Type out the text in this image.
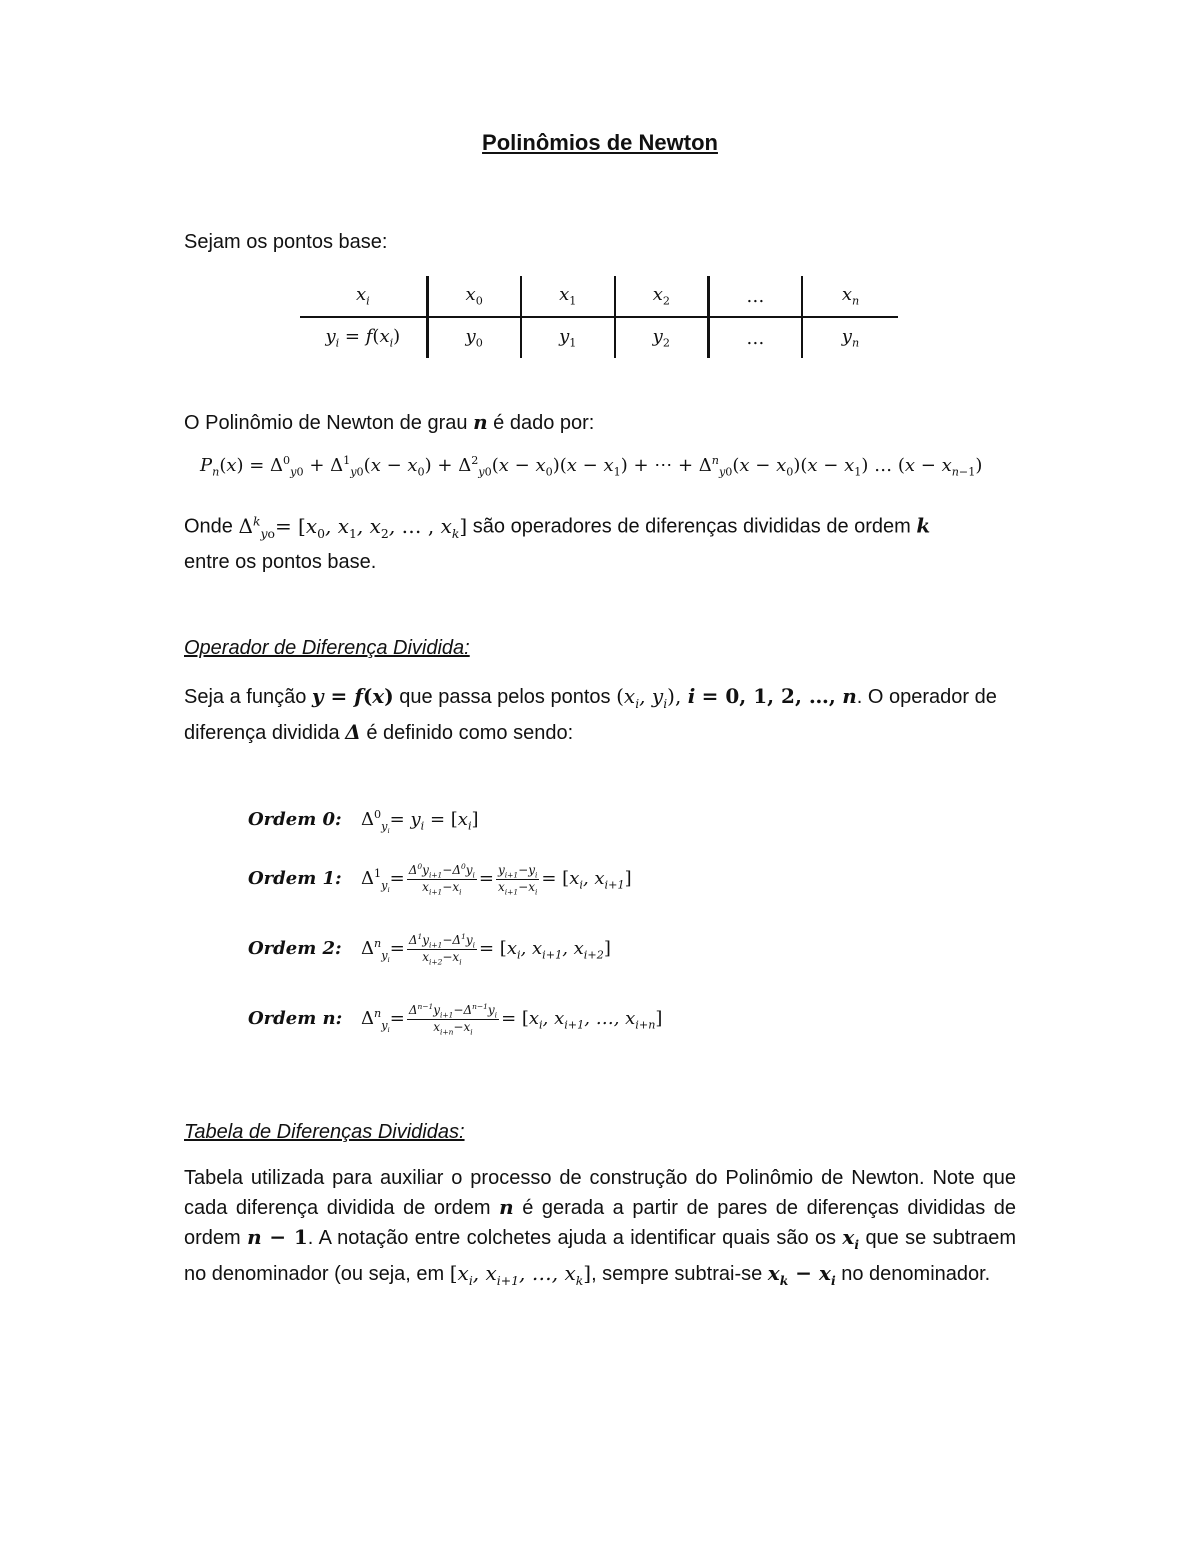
Polinômios de Newton
Sejam os pontos base:
$x_i$	$x_0$	$x_1$	$x_2$	…	$x_n$
$y_i = f(x_i)$	$y_0$	$y_1$	$y_2$	…	$y_n$
O Polinômio de Newton de grau n é dado por:
$P_n(x) = \Delta^0_{y0} + \Delta^1_{y0}(x - x_0) + \Delta^2_{y0}(x - x_0)(x - x_1)$ + ⋯ + $\Delta^n_{y0}(x - x_0)(x - x_1)$ … $(x - x_{n-1})$
Onde $\Delta^k_{yo}= [x_0$, $x_1$, $x_2$, … , $x_k$] são operadores de diferenças divididas de ordem k
entre os pontos base.
Operador de Diferença Dividida:
Seja a função y = f(x) que passa pelos pontos ($x_i$, $y_i$), i = 0, 1, 2, …, n. O operador de diferença dividida Δ é definido como sendo:
Ordem 0: $\Delta^0_{y_i}= y_i = [x_i]$
Ordem 1: $\Delta^1_{y_i}= \frac{\Delta^0y_{i+1}-\Delta^0y_i}{x_{i+1}-x_i} = \frac{y_{i+1}-y_i}{x_{i+1}-x_i} = [x_i$, $x_{i+1}$]
Ordem 2: $\Delta^n_{y_i}= \frac{\Delta^1y_{i+1}-\Delta^1y_i}{x_{i+2}-x_i} = [x_i$, $x_{i+1}$, $x_{i+2}$]
Ordem n: $\Delta^n_{y_i}= \frac{\Delta^{n-1}y_{i+1}-\Delta^{n-1}y_i}{x_{i+n}-x_i} = [x_i$, $x_{i+1}$, …, $x_{i+n}$]
Tabela de Diferenças Divididas:
Tabela utilizada para auxiliar o processo de construção do Polinômio de Newton. Note que cada diferença dividida de ordem n é gerada a partir de pares de diferenças divididas de ordem n − 1. A notação entre colchetes ajuda a identificar quais são os $x_i$ que se subtraem no denominador (ou seja, em [$x_i$, $x_{i+1}$, …, $x_k$], sempre subtrai-se $x_k - x_i$ no denominador.
